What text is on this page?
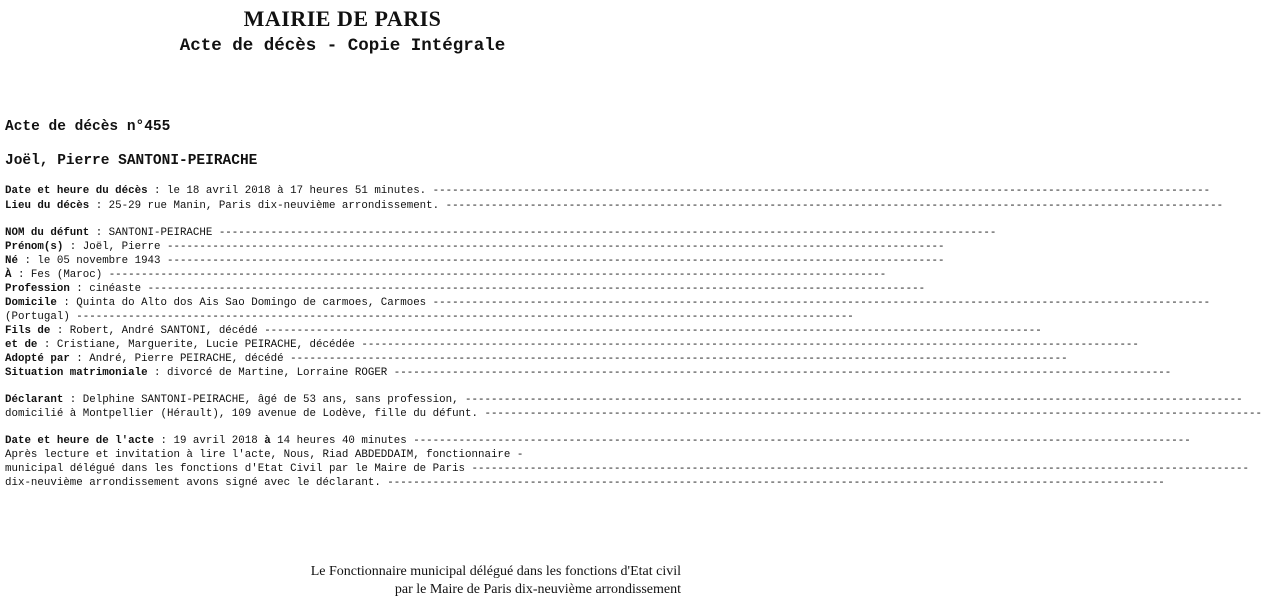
MAIRIE DE PARIS
Acte de décès - Copie Intégrale
Acte de décès n°455
Joël, Pierre SANTONI-PEIRACHE
Date et heure du décès : le 18 avril 2018 à 17 heures 51 minutes. ------------------------------------------------------------------------------------------------------------------------
Lieu du décès : 25-29 rue Manin, Paris dix-neuvième arrondissement. ------------------------------------------------------------------------------------------------------------------------
NOM du défunt : SANTONI-PEIRACHE ------------------------------------------------------------------------------------------------------------------------
Prénom(s) : Joël, Pierre ------------------------------------------------------------------------------------------------------------------------
Né : le 05 novembre 1943 ------------------------------------------------------------------------------------------------------------------------
À : Fes (Maroc) ------------------------------------------------------------------------------------------------------------------------
Profession : cinéaste ------------------------------------------------------------------------------------------------------------------------
Domicile : Quinta do Alto dos Ais Sao Domingo de carmoes, Carmoes ------------------------------------------------------------------------------------------------------------------------
(Portugal) ------------------------------------------------------------------------------------------------------------------------
Fils de : Robert, André SANTONI, décédé ------------------------------------------------------------------------------------------------------------------------
et de : Cristiane, Marguerite, Lucie PEIRACHE, décédée ------------------------------------------------------------------------------------------------------------------------
Adopté par : André, Pierre PEIRACHE, décédé ------------------------------------------------------------------------------------------------------------------------
Situation matrimoniale : divorcé de Martine, Lorraine ROGER ------------------------------------------------------------------------------------------------------------------------
Déclarant : Delphine SANTONI-PEIRACHE, âgé de 53 ans, sans profession, ------------------------------------------------------------------------------------------------------------------------
domicilié à Montpellier (Hérault), 109 avenue de Lodève, fille du défunt. ------------------------------------------------------------------------------------------------------------------------
Date et heure de l'acte : 19 avril 2018 à 14 heures 40 minutes ------------------------------------------------------------------------------------------------------------------------
Après lecture et invitation à lire l'acte, Nous, Riad ABDEDDAIM, fonctionnaire -
municipal délégué dans les fonctions d'Etat Civil par le Maire de Paris ------------------------------------------------------------------------------------------------------------------------
dix-neuvième arrondissement avons signé avec le déclarant. ------------------------------------------------------------------------------------------------------------------------
Le Fonctionnaire municipal délégué dans les fonctions d'Etat civil
par le Maire de Paris dix-neuvième arrondissement
